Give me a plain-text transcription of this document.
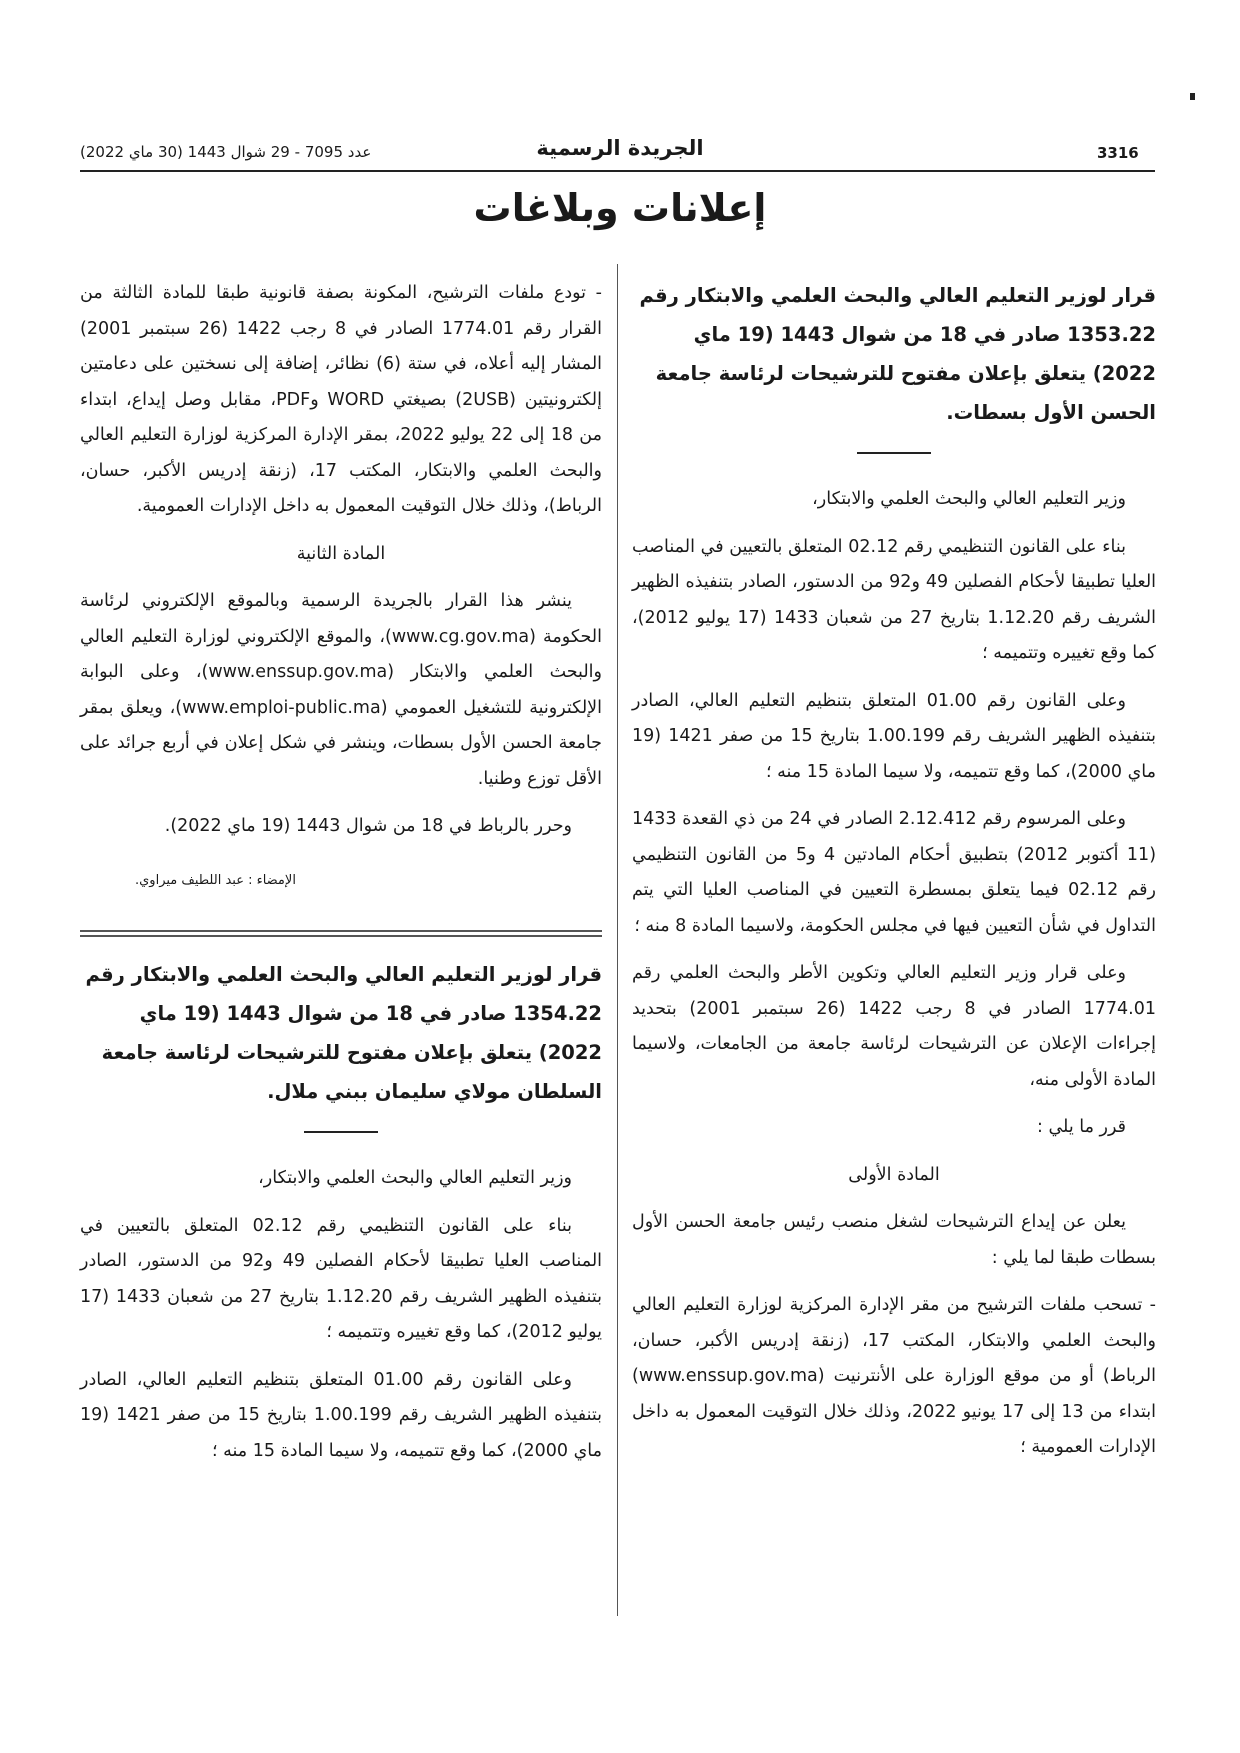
3316
الجريدة الرسمية
عدد 7095 - 29 شوال 1443 (30 ماي 2022)
إعلانات وبلاغات

قرار لوزير التعليم العالي والبحث العلمي والابتكار رقم 1353.22 صادر في 18 من شوال 1443 (19 ماي 2022) يتعلق بإعلان مفتوح للترشيحات لرئاسة جامعة الحسن الأول بسطات.

وزير التعليم العالي والبحث العلمي والابتكار،

بناء على القانون التنظيمي رقم 02.12 المتعلق بالتعيين في المناصب العليا تطبيقا لأحكام الفصلين 49 و92 من الدستور، الصادر بتنفيذه الظهير الشريف رقم 1.12.20 بتاريخ 27 من شعبان 1433 (17 يوليو 2012)، كما وقع تغييره وتتميمه ؛

وعلى القانون رقم 01.00 المتعلق بتنظيم التعليم العالي، الصادر بتنفيذه الظهير الشريف رقم 1.00.199 بتاريخ 15 من صفر 1421 (19 ماي 2000)، كما وقع تتميمه، ولا سيما المادة 15 منه ؛

وعلى المرسوم رقم 2.12.412 الصادر في 24 من ذي القعدة 1433 (11 أكتوبر 2012) بتطبيق أحكام المادتين 4 و5 من القانون التنظيمي رقم 02.12 فيما يتعلق بمسطرة التعيين في المناصب العليا التي يتم التداول في شأن التعيين فيها في مجلس الحكومة، ولاسيما المادة 8 منه ؛

وعلى قرار وزير التعليم العالي وتكوين الأطر والبحث العلمي رقم 1774.01 الصادر في 8 رجب 1422 (26 سبتمبر 2001) بتحديد إجراءات الإعلان عن الترشيحات لرئاسة جامعة من الجامعات، ولاسيما المادة الأولى منه،

قرر ما يلي :

المادة الأولى

يعلن عن إيداع الترشيحات لشغل منصب رئيس جامعة الحسن الأول بسطات طبقا لما يلي :

- تسحب ملفات الترشيح من مقر الإدارة المركزية لوزارة التعليم العالي والبحث العلمي والابتكار، المكتب 17، (زنقة إدريس الأكبر، حسان، الرباط) أو من موقع الوزارة على الأنترنيت (www.enssup.gov.ma) ابتداء من 13 إلى 17 يونيو 2022، وذلك خلال التوقيت المعمول به داخل الإدارات العمومية ؛

- تودع ملفات الترشيح، المكونة بصفة قانونية طبقا للمادة الثالثة من القرار رقم 1774.01 الصادر في 8 رجب 1422 (26 سبتمبر 2001) المشار إليه أعلاه، في ستة (6) نظائر، إضافة إلى نسختين على دعامتين إلكترونيتين (2USB) بصيغتي WORD وPDF، مقابل وصل إيداع، ابتداء من 18 إلى 22 يوليو 2022، بمقر الإدارة المركزية لوزارة التعليم العالي والبحث العلمي والابتكار، المكتب 17، (زنقة إدريس الأكبر، حسان، الرباط)، وذلك خلال التوقيت المعمول به داخل الإدارات العمومية.

المادة الثانية

ينشر هذا القرار بالجريدة الرسمية وبالموقع الإلكتروني لرئاسة الحكومة (www.cg.gov.ma)، والموقع الإلكتروني لوزارة التعليم العالي والبحث العلمي والابتكار (www.enssup.gov.ma)، وعلى البوابة الإلكترونية للتشغيل العمومي (www.emploi-public.ma)، ويعلق بمقر جامعة الحسن الأول بسطات، وينشر في شكل إعلان في أربع جرائد على الأقل توزع وطنيا.

وحرر بالرباط في 18 من شوال 1443 (19 ماي 2022).

الإمضاء : عبد اللطيف ميراوي.

قرار لوزير التعليم العالي والبحث العلمي والابتكار رقم 1354.22 صادر في 18 من شوال 1443 (19 ماي 2022) يتعلق بإعلان مفتوح للترشيحات لرئاسة جامعة السلطان مولاي سليمان ببني ملال.

وزير التعليم العالي والبحث العلمي والابتكار،

بناء على القانون التنظيمي رقم 02.12 المتعلق بالتعيين في المناصب العليا تطبيقا لأحكام الفصلين 49 و92 من الدستور، الصادر بتنفيذه الظهير الشريف رقم 1.12.20 بتاريخ 27 من شعبان 1433 (17 يوليو 2012)، كما وقع تغييره وتتميمه ؛

وعلى القانون رقم 01.00 المتعلق بتنظيم التعليم العالي، الصادر بتنفيذه الظهير الشريف رقم 1.00.199 بتاريخ 15 من صفر 1421 (19 ماي 2000)، كما وقع تتميمه، ولا سيما المادة 15 منه ؛
